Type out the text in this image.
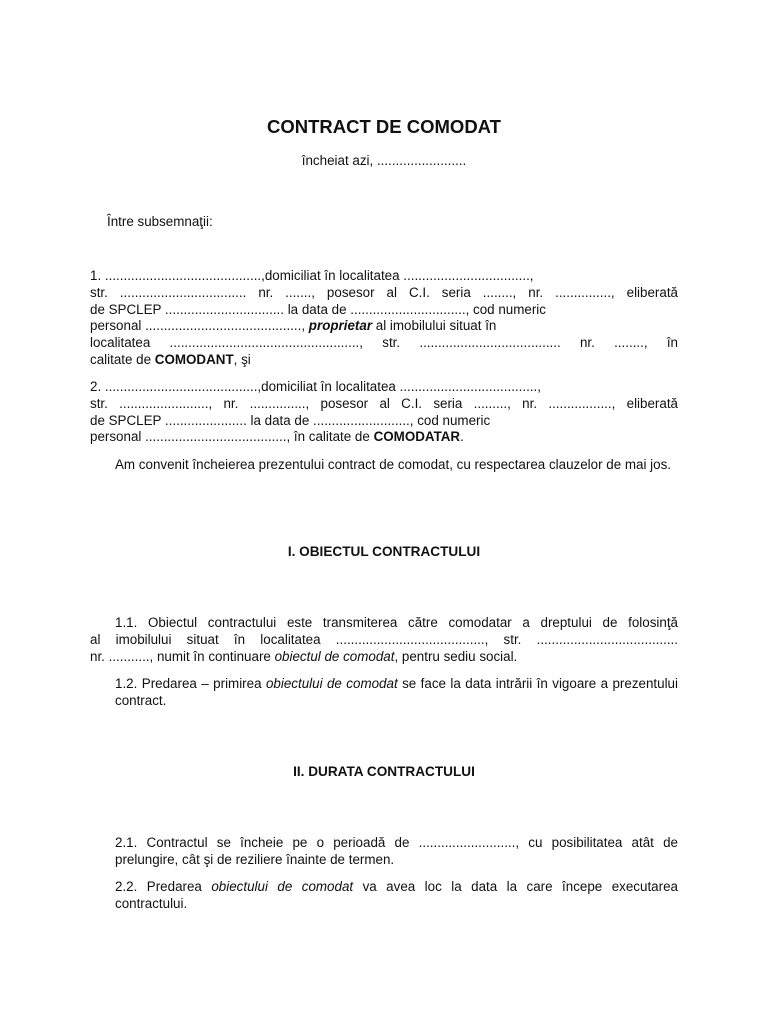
CONTRACT DE COMODAT
încheiat azi, ........................
Între subsemnaţii:
1. ..........................................,domiciliat în localitatea ..................................,
str. .................................. nr. ......., posesor al C.I. seria ........, nr. ..............., eliberată
de SPCLEP ................................ la data de ..............................., cod numeric
personal .........................................., proprietar al imobilului situat în
localitatea ..................................................., str. ...................................... nr. ........, în
calitate de COMODANT, şi
2. .........................................,domiciliat în localitatea .....................................,
str. ........................, nr. ..............., posesor al C.I. seria ........., nr. ................., eliberată
de SPCLEP ...................... la data de .........................., cod numeric
personal ......................................, în calitate de COMODATAR.
Am convenit încheierea prezentului contract de comodat, cu respectarea clauzelor de mai jos.
I. OBIECTUL CONTRACTULUI
1.1. Obiectul contractului este transmiterea către comodatar a dreptului de folosinţă
al imobilului situat în localitatea ........................................, str. ......................................
nr. ..........., numit în continuare obiectul de comodat, pentru sediu social.
1.2. Predarea – primirea obiectului de comodat se face la data intrării în vigoare a prezentului contract.
II. DURATA CONTRACTULUI
2.1. Contractul se încheie pe o perioadă de .........................., cu posibilitatea atât de prelungire, cât şi de reziliere înainte de termen.
2.2. Predarea obiectului de comodat va avea loc la data la care începe executarea contractului.
